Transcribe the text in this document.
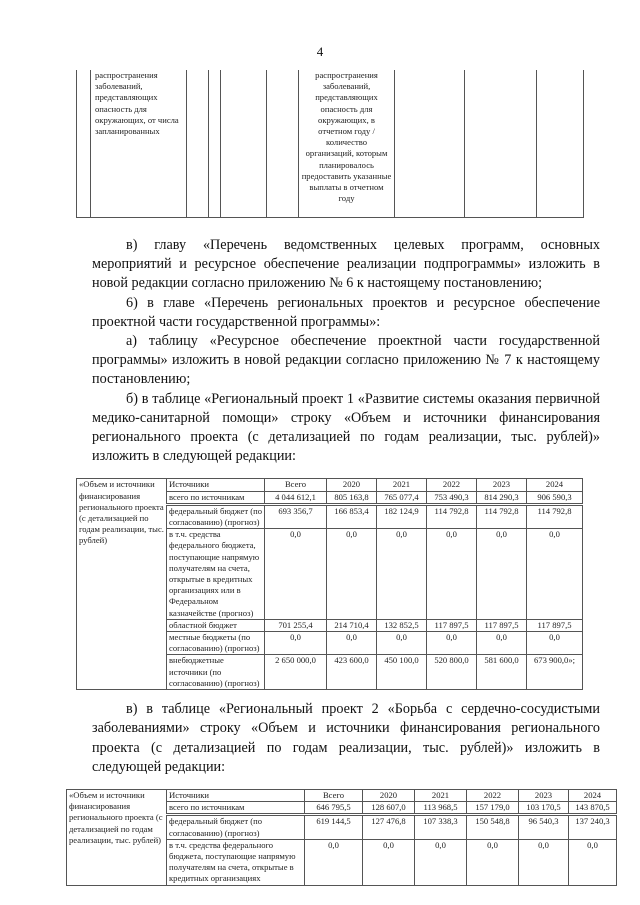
4
	распространения заболеваний, представляющих опасность для окружающих, от числа запланированных					распространения заболеваний, представляющих опасность для окружающих, в отчетном году / количество организаций, которым планировалось предоставить указанные выплаты в отчетном году			

в) главу «Перечень ведомственных целевых программ, основных мероприятий и ресурсное обеспечение реализации подпрограммы» изложить в новой редакции согласно приложению № 6 к настоящему постановлению;

6) в главе «Перечень региональных проектов и ресурсное обеспечение проектной части государственной программы»:

а) таблицу «Ресурсное обеспечение проектной части государственной программы» изложить в новой редакции согласно приложению № 7 к настоящему постановлению;

б) в таблице «Региональный проект 1 «Развитие системы оказания первичной медико-санитарной помощи» строку «Объем и источники финансирования регионального проекта (с детализацией по годам реализации, тыс. рублей)» изложить в следующей редакции:

«Объем и источники финансирования регионального проекта (с детализацией по годам реализации, тыс. рублей)	Источники	Всего	2020	2021	2022	2023	2024
	всего по источникам	4 044 612,1	805 163,8	765 077,4	753 490,3	814 290,3	906 590,3
	федеральный бюджет (по согласованию) (прогноз)	693 356,7	166 853,4	182 124,9	114 792,8	114 792,8	114 792,8
	в т.ч. средства федерального бюджета, поступающие напрямую получателям на счета, открытые в кредитных организациях или в Федеральном казначействе (прогноз)	0,0	0,0	0,0	0,0	0,0	0,0
	областной бюджет	701 255,4	214 710,4	132 852,5	117 897,5	117 897,5	117 897,5
	местные бюджеты (по согласованию) (прогноз)	0,0	0,0	0,0	0,0	0,0	0,0
	внебюджетные источники (по согласованию) (прогноз)	2 650 000,0	423 600,0	450 100,0	520 800,0	581 600,0	673 900,0»;

в) в таблице «Региональный проект 2 «Борьба с сердечно-сосудистыми заболеваниями» строку «Объем и источники финансирования регионального проекта (с детализацией по годам реализации, тыс. рублей)» изложить в следующей редакции:

«Объем и источники финансирования регионального проекта (с детализацией по годам реализации, тыс. рублей)	Источники	Всего	2020	2021	2022	2023	2024
	всего по источникам	646 795,5	128 607,0	113 968,5	157 179,0	103 170,5	143 870,5
	федеральный бюджет (по согласованию) (прогноз)	619 144,5	127 476,8	107 338,3	150 548,8	96 540,3	137 240,3
	в т.ч. средства федерального бюджета, поступающие напрямую получателям на счета, открытые в кредитных организациях	0,0	0,0	0,0	0,0	0,0	0,0
